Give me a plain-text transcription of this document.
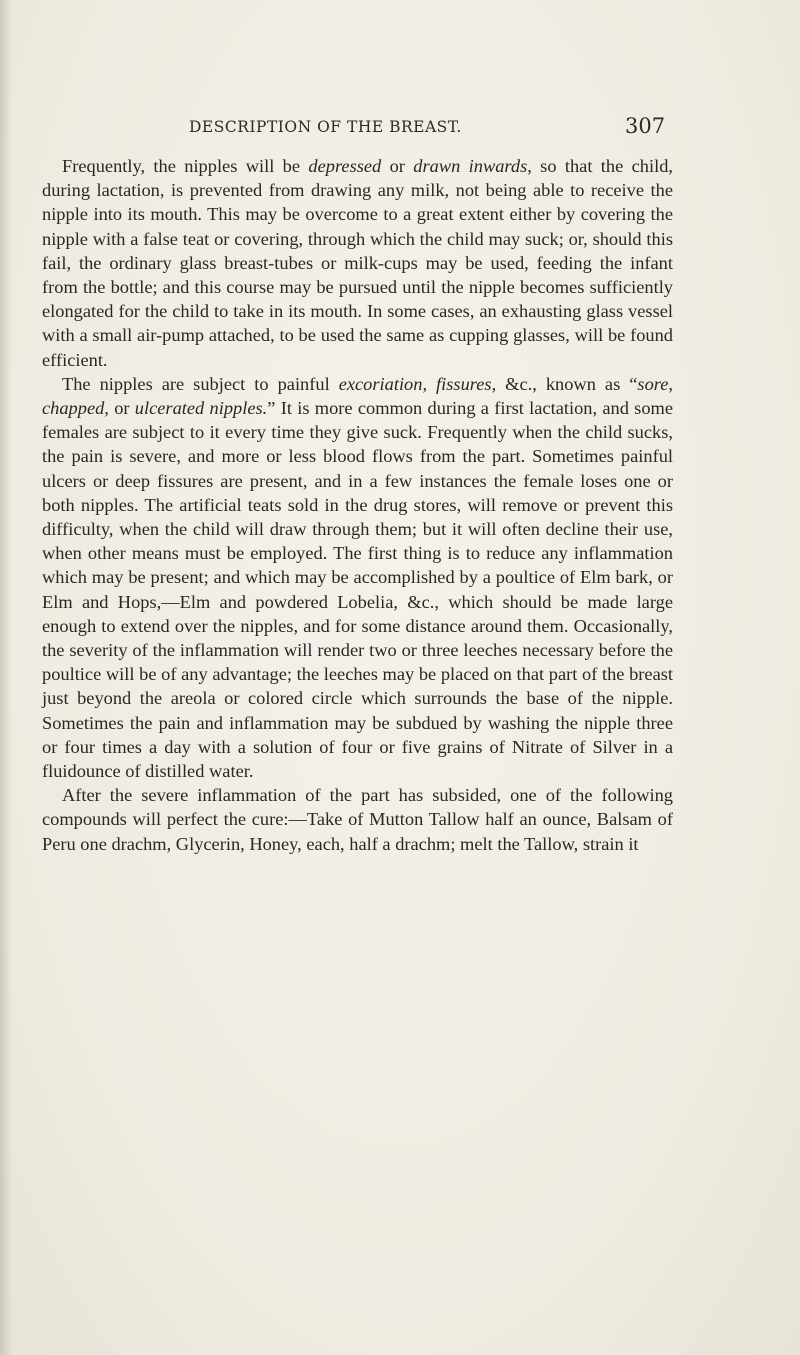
DESCRIPTION OF THE BREAST.	307

Frequently, the nipples will be depressed or drawn inwards, so that the child, during lactation, is prevented from drawing any milk, not being able to receive the nipple into its mouth. This may be overcome to a great extent either by covering the nipple with a false teat or covering, through which the child may suck; or, should this fail, the ordinary glass breast-tubes or milk-cups may be used, feeding the infant from the bottle; and this course may be pursued until the nipple becomes sufficiently elongated for the child to take in its mouth. In some cases, an exhausting glass vessel with a small air-pump attached, to be used the same as cupping glasses, will be found efficient.

The nipples are subject to painful excoriation, fissures, &c., known as “sore, chapped, or ulcerated nipples.” It is more common during a first lactation, and some females are subject to it every time they give suck. Frequently when the child sucks, the pain is severe, and more or less blood flows from the part. Sometimes painful ulcers or deep fissures are present, and in a few instances the female loses one or both nipples. The artificial teats sold in the drug stores, will remove or prevent this difficulty, when the child will draw through them; but it will often decline their use, when other means must be employed. The first thing is to reduce any inflammation which may be present; and which may be accomplished by a poultice of Elm bark, or Elm and Hops,—Elm and powdered Lobelia, &c., which should be made large enough to extend over the nipples, and for some distance around them. Occasionally, the severity of the inflammation will render two or three leeches necessary before the poultice will be of any advantage; the leeches may be placed on that part of the breast just beyond the areola or colored circle which surrounds the base of the nipple. Sometimes the pain and inflammation may be subdued by washing the nipple three or four times a day with a solution of four or five grains of Nitrate of Silver in a fluidounce of distilled water.

After the severe inflammation of the part has subsided, one of the following compounds will perfect the cure:—Take of Mutton Tallow half an ounce, Balsam of Peru one drachm, Glycerin, Honey, each, half a drachm; melt the Tallow, strain it
